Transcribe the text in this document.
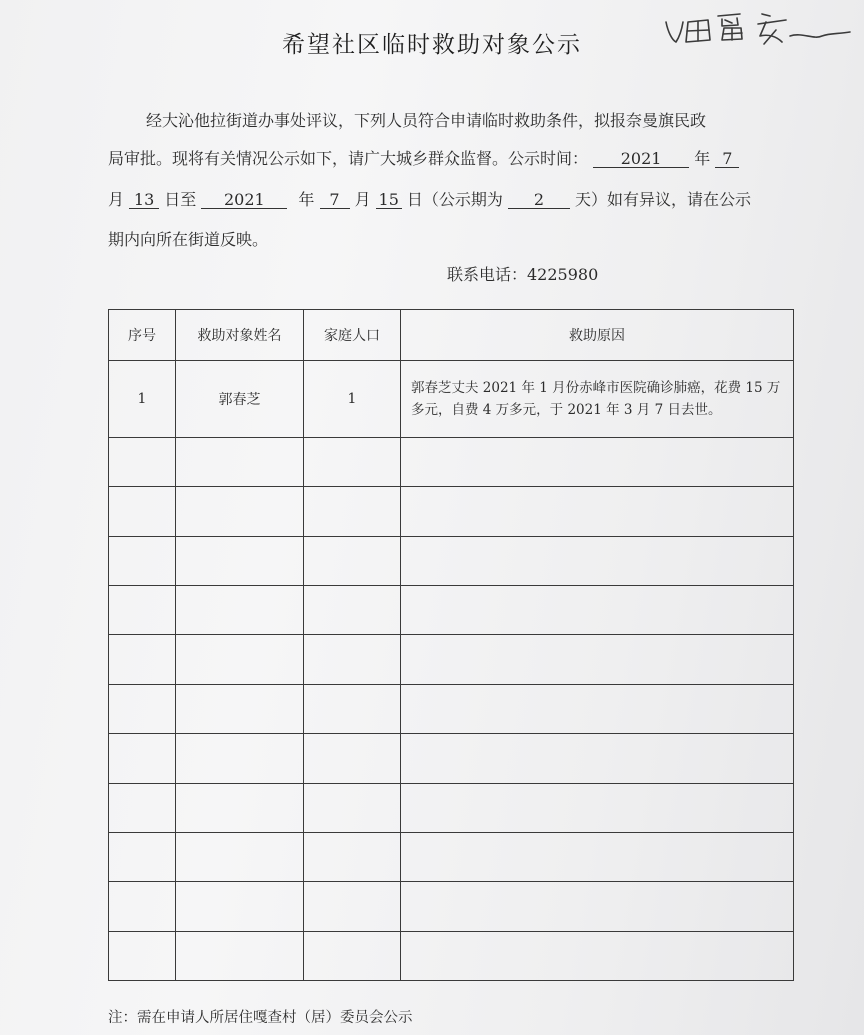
希望社区临时救助对象公示
经大沁他拉街道办事处评议，下列人员符合申请临时救助条件，拟报奈曼旗民政
局审批。现将有关情况公示如下，请广大城乡群众监督。公示时间： 2021 年 7
月 13 日至 2021 年 7 月 15 日（公示期为 2 天）如有异议，请在公示
期内向所在街道反映。
联系电话：4225980
序号	救助对象姓名	家庭人口	救助原因
1	郭春芝	1	郭春芝丈夫 2021 年 1 月份赤峰市医院确诊肺癌，花费 15 万多元，自费 4 万多元，于 2021 年 3 月 7 日去世。

注：需在申请人所居住嘎查村（居）委员会公示
